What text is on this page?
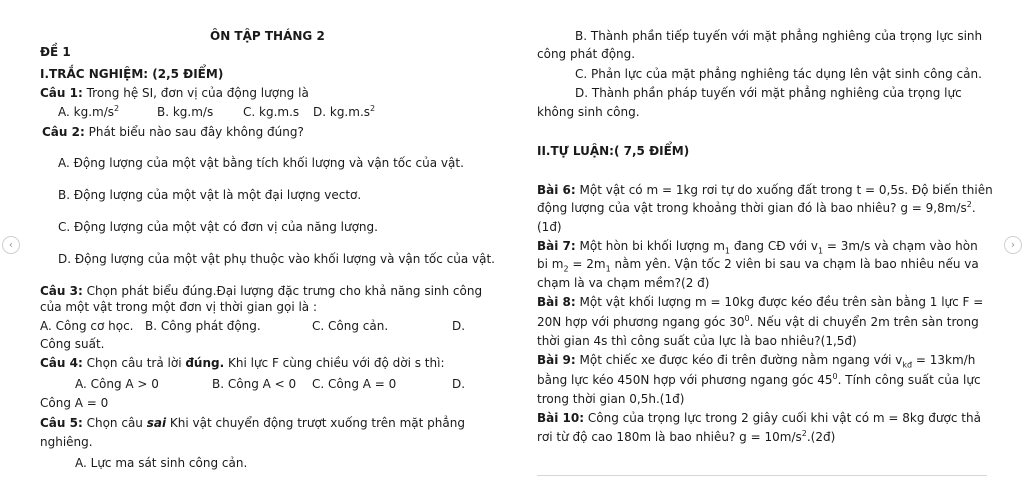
ÔN TẬP THÁNG 2
ĐỀ 1
I.TRẮC NGHIỆM: (2,5 ĐIỂM)
Câu 1: Trong hệ SI, đơn vị của động lượng là
A. $kg.m/s^2$	B. kg.m/s C. kg.m.s D. $kg.m.s^2$
Câu 2: Phát biểu nào sau đây không đúng?
A. Động lượng của một vật bằng tích khối lượng và vận tốc của vật.
B. Động lượng của một vật là một đại lượng vectơ.
C. Động lượng của một vật có đơn vị của năng lượng.
D. Động lượng của một vật phụ thuộc vào khối lượng và vận tốc của vật.
Câu 3: Chọn phát biểu đúng.Đại lượng đặc trưng cho khả năng sinh công
của một vật trong một đơn vị thời gian gọi là :
A. Công cơ học. B. Công phát động.	C. Công cản.	D.
Công suất.
Câu 4: Chọn câu trả lời đúng. Khi lực F cùng chiều với độ dời s thì:
A. Công A > 0	B. Công A < 0 C. Công A = 0	D.
Công A = 0
Câu 5: Chọn câu sai Khi vật chuyển động trượt xuống trên mặt phẳng
nghiêng.
A. Lực ma sát sinh công cản.
B. Thành phần tiếp tuyến với mặt phẳng nghiêng của trọng lực sinh
công phát động.
C. Phản lực của mặt phẳng nghiêng tác dụng lên vật sinh công cản.
D. Thành phần pháp tuyến với mặt phẳng nghiêng của trọng lực
không sinh công.
II.TỰ LUẬN:( 7,5 ĐIỂM)
Bài 6: Một vật có m = 1kg rơi tự do xuống đất trong t = 0,5s. Độ biến thiên
động lượng của vật trong khoảng thời gian đó là bao nhiêu? $g = 9,8m/s^2$.
(1đ)
Bài 7: Một hòn bi khối lượng $m_1$ đang CĐ với $v_1 = 3m/s$ và chạm vào hòn
bi $m_2 = 2m_1$ nằm yên. Vận tốc 2 viên bi sau va chạm là bao nhiêu nếu va
chạm là va chạm mềm?(2 đ)
Bài 8: Một vật khối lượng m = 10kg được kéo đều trên sàn bằng 1 lực F =
20N hợp với phương ngang góc $30^0$. Nếu vật di chuyển 2m trên sàn trong
thời gian 4s thì công suất của lực là bao nhiêu?(1,5đ)
Bài 9: Một chiếc xe được kéo đi trên đường nằm ngang với $v_{kđ} = 13km/h$
bằng lực kéo 450N hợp với phương ngang góc $45^0$. Tính công suất của lực
trong thời gian 0,5h.(1đ)
Bài 10: Công của trọng lực trong 2 giây cuối khi vật có m = 8kg được thả
rơi từ độ cao 180m là bao nhiêu? $g = 10m/s^2.(2đ)$
‹	›
